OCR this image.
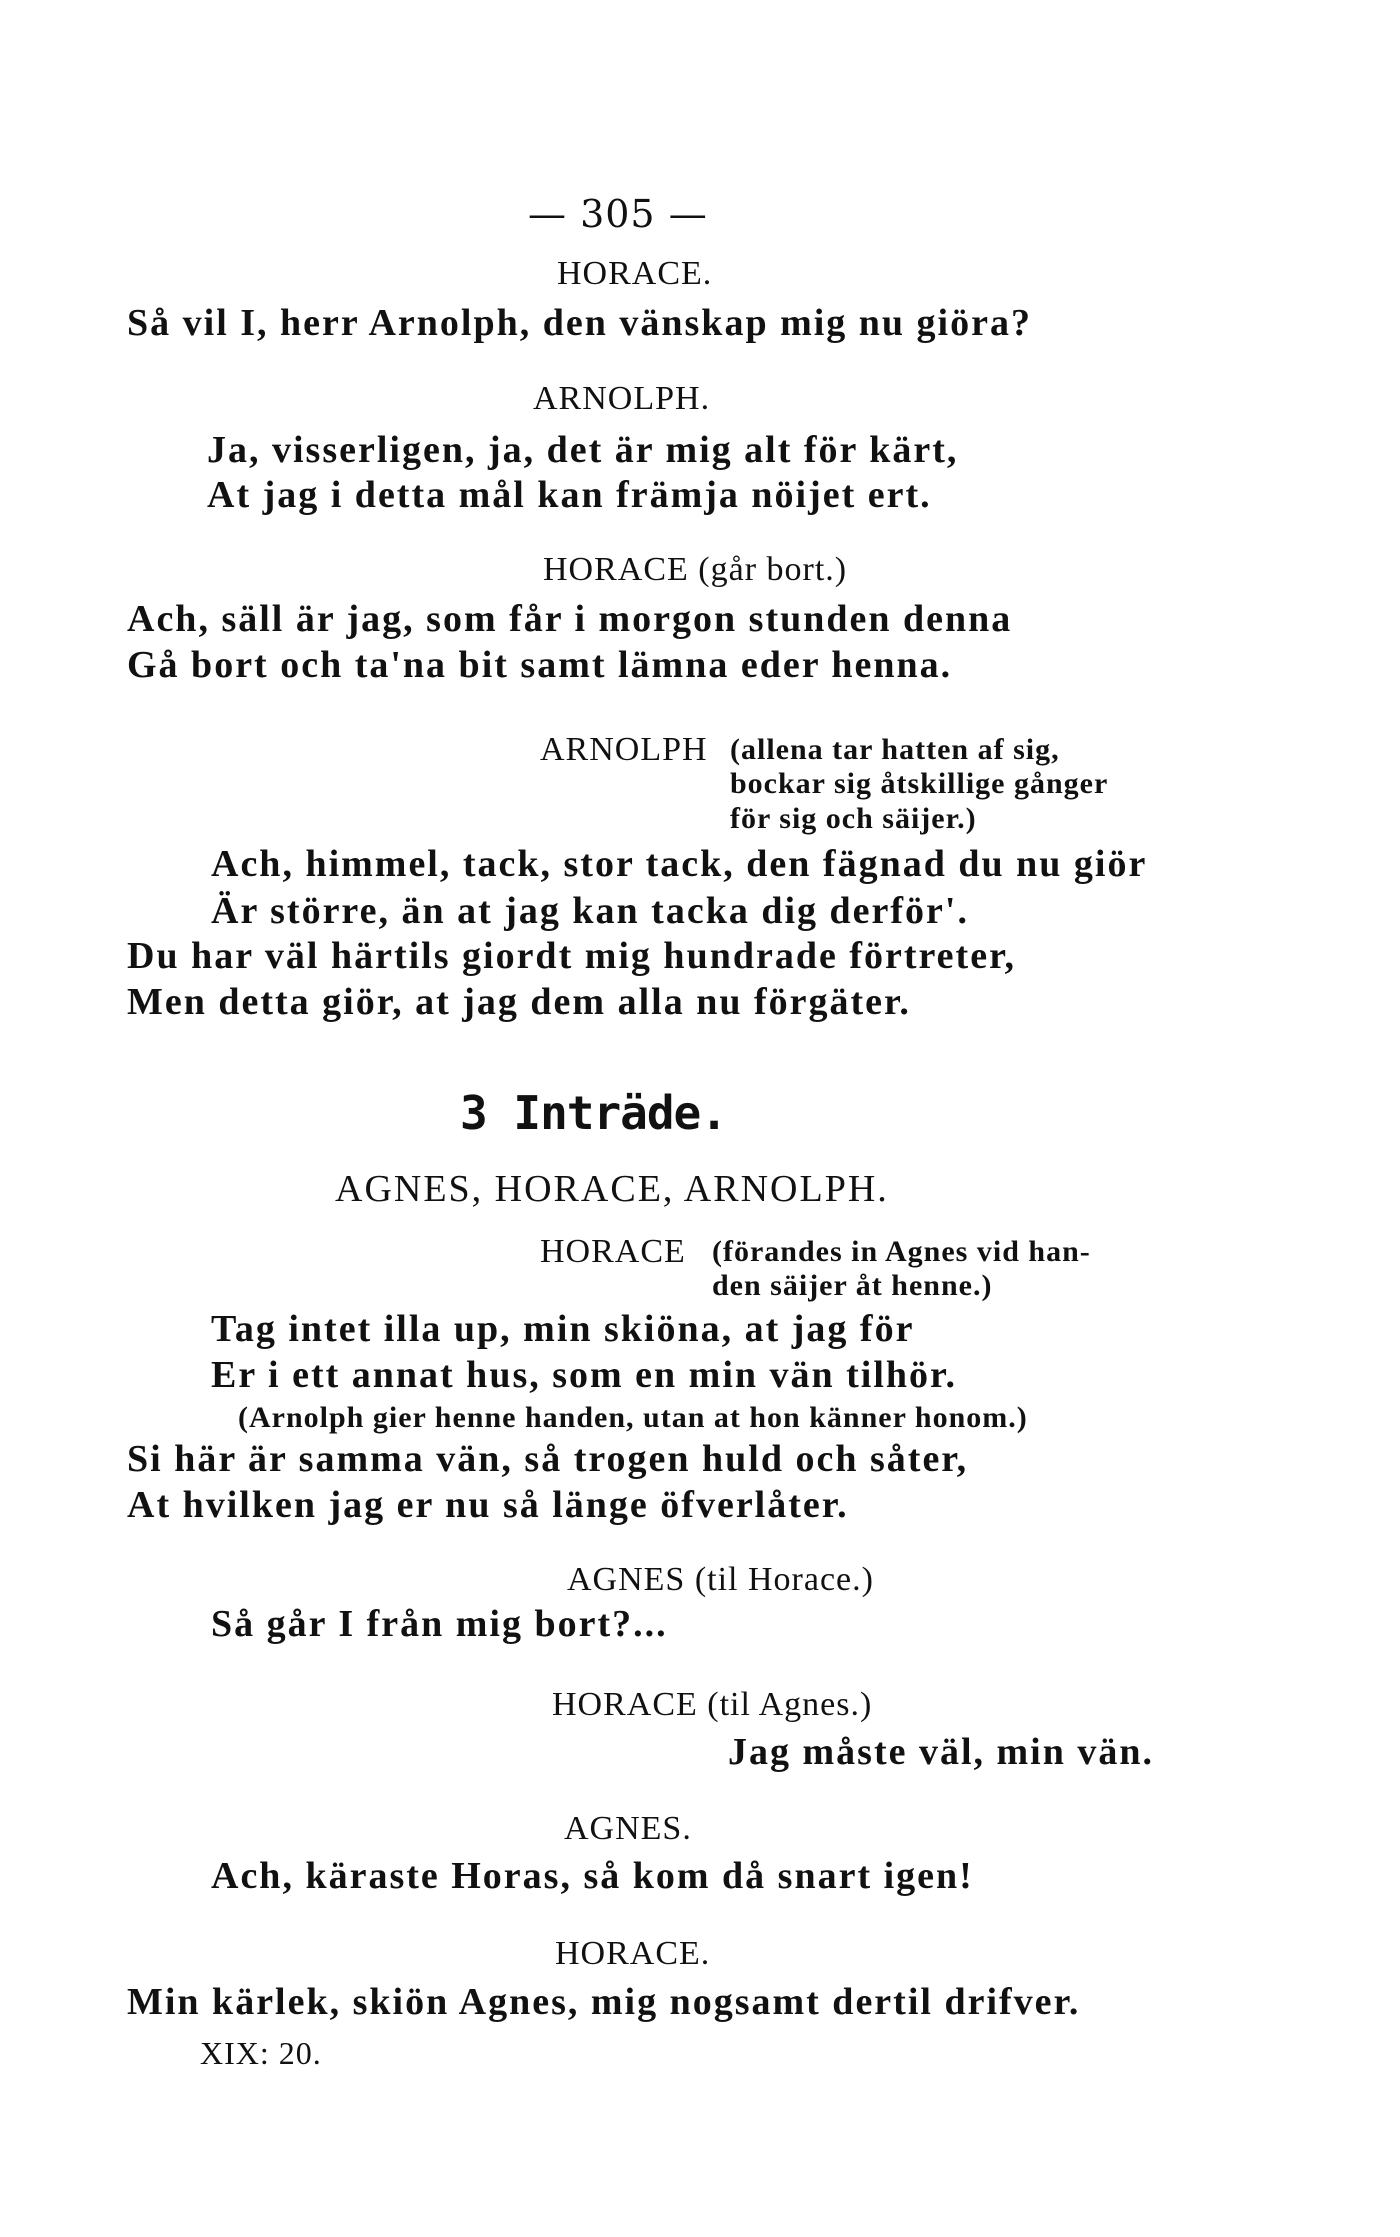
— 305 —
HORACE.
Så vil I, herr Arnolph, den vänskap mig nu giöra?
ARNOLPH.
Ja, visserligen, ja, det är mig alt för kärt,
At jag i detta mål kan främja nöijet ert.
HORACE (går bort.)
Ach, säll är jag, som får i morgon stunden denna
Gå bort och ta'na bit samt lämna eder henna.
ARNOLPH (allena tar hatten af sig,
bockar sig åtskillige gånger
för sig och säijer.)
Ach, himmel, tack, stor tack, den fägnad du nu giör
Är större, än at jag kan tacka dig derför'.
Du har väl härtils giordt mig hundrade förtreter,
Men detta giör, at jag dem alla nu förgäter.
3 Inträde.
AGNES, HORACE, ARNOLPH.
HORACE (förandes in Agnes vid han-
den säijer åt henne.)
Tag intet illa up, min skiöna, at jag för
Er i ett annat hus, som en min vän tilhör.
(Arnolph gier henne handen, utan at hon känner honom.)
Si här är samma vän, så trogen huld och såter,
At hvilken jag er nu så länge öfverlåter.
AGNES (til Horace.)
Så går I från mig bort?...
HORACE (til Agnes.)
Jag måste väl, min vän.
AGNES.
Ach, käraste Horas, så kom då snart igen!
HORACE.
Min kärlek, skiön Agnes, mig nogsamt dertil drifver.
XIX: 20.
